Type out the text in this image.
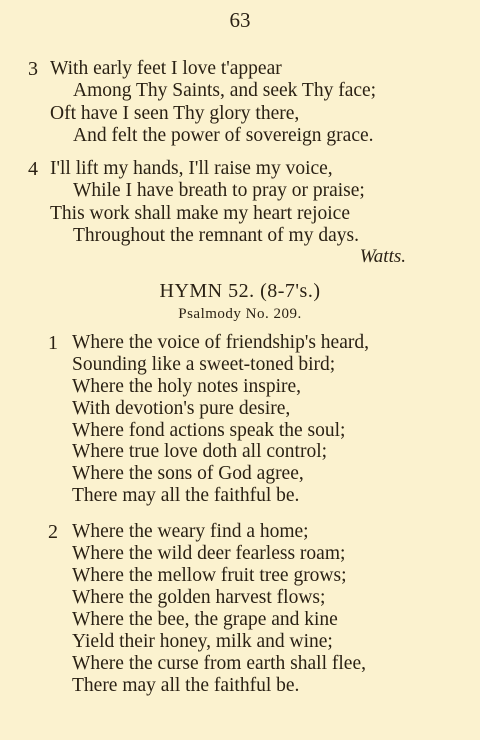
63
3 With early feet I love t'appear
Among Thy Saints, and seek Thy face;
Oft have I seen Thy glory there,
And felt the power of sovereign grace.
4 I'll lift my hands, I'll raise my voice,
While I have breath to pray or praise;
This work shall make my heart rejoice
Throughout the remnant of my days.
Watts.
HYMN 52. (8-7's.)
Psalmody No. 209.
1 Where the voice of friendship's heard,
Sounding like a sweet-toned bird;
Where the holy notes inspire,
With devotion's pure desire,
Where fond actions speak the soul;
Where true love doth all control;
Where the sons of God agree,
There may all the faithful be.
2 Where the weary find a home;
Where the wild deer fearless roam;
Where the mellow fruit tree grows;
Where the golden harvest flows;
Where the bee, the grape and kine
Yield their honey, milk and wine;
Where the curse from earth shall flee,
There may all the faithful be.
